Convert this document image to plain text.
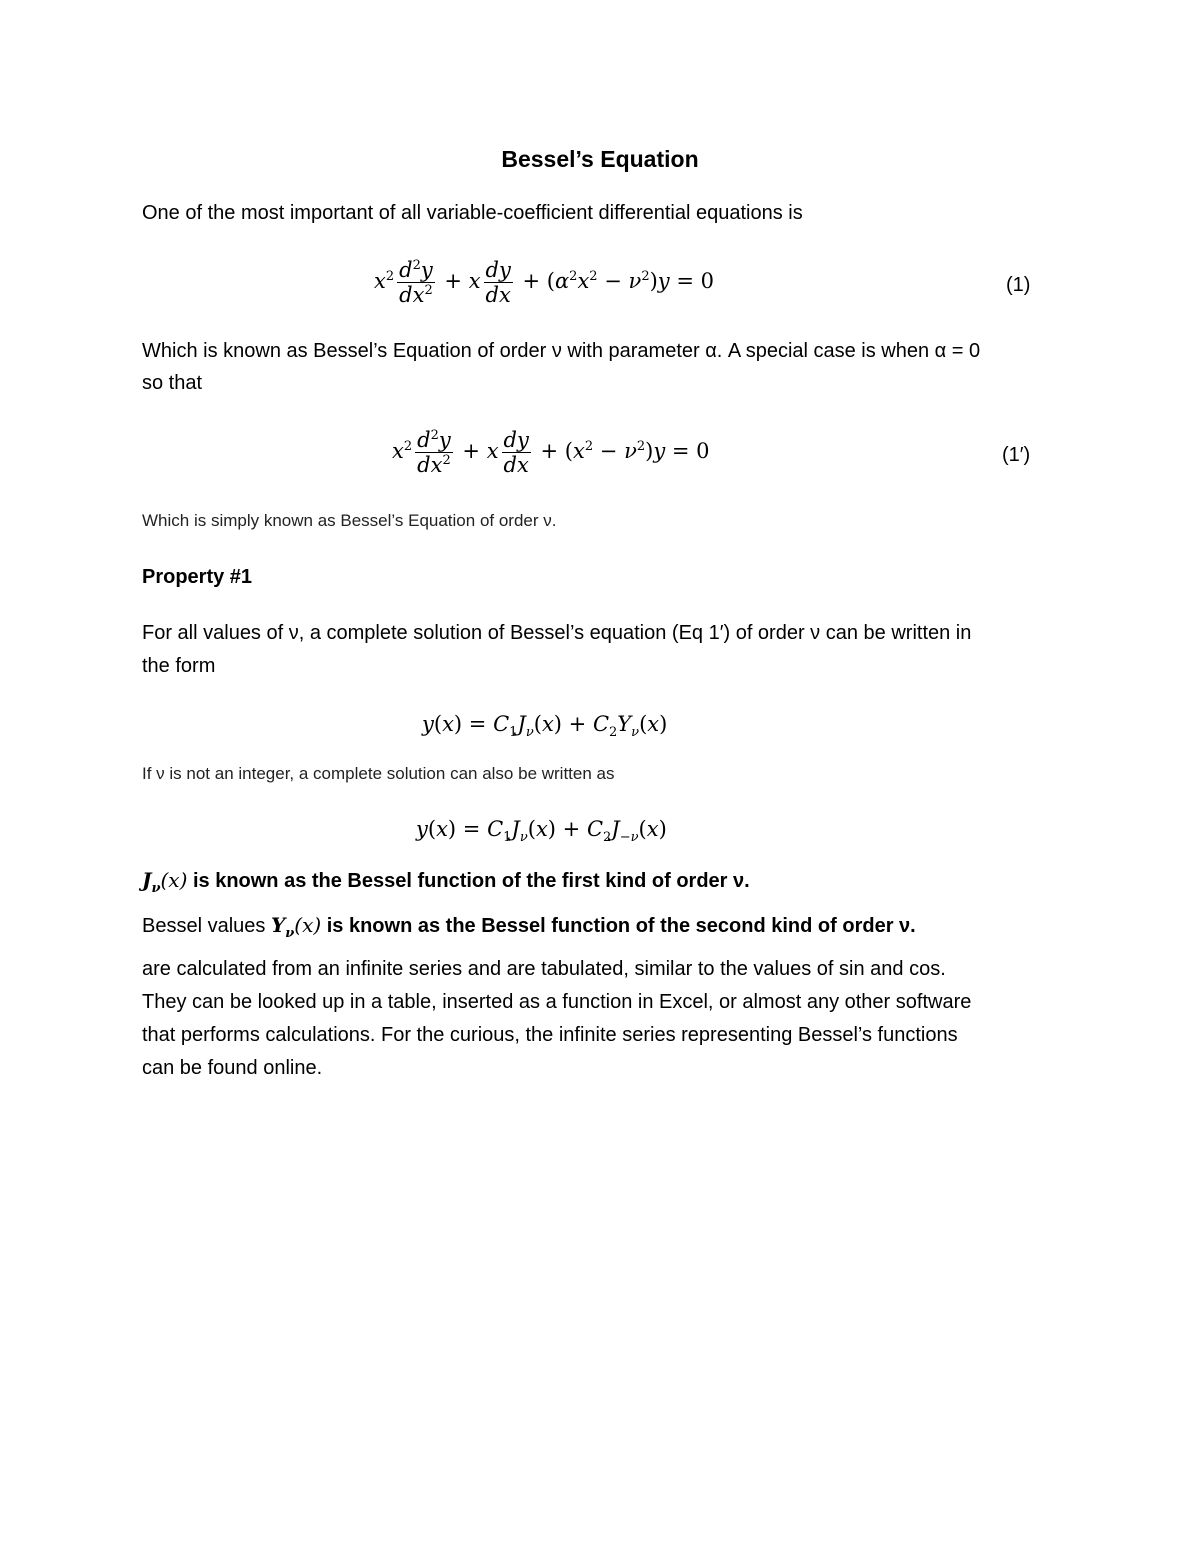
Bessel’s Equation
One of the most important of all variable-coefficient differential equations is
$x^2 \frac{d^2y}{dx^2} + x \frac{dy}{dx} + (\alpha^2x^2 - \nu^2)y = 0$	(1)
Which is known as Bessel’s Equation of order ν with parameter α. A special case is when α = 0
so that
$x^2 \frac{d^2y}{dx^2} + x \frac{dy}{dx} + (x^2 - \nu^2)y = 0$	(1′)
Which is simply known as Bessel’s Equation of order ν.
Property #1
For all values of ν, a complete solution of Bessel’s equation (Eq 1′) of order ν can be written in
the form
$y(x) = C_1J_\nu(x) + C_2Y_\nu(x)$
If ν is not an integer, a complete solution can also be written as
$y(x) = C_1J_\nu(x) + C_2J_{-\nu}(x)$
$J_\nu(x)$ is known as the Bessel function of the first kind of order ν.
Bessel values $Y_\nu(x)$ is known as the Bessel function of the second kind of order ν.
are calculated from an infinite series and are tabulated, similar to the values of sin and cos.
They can be looked up in a table, inserted as a function in Excel, or almost any other software
that performs calculations. For the curious, the infinite series representing Bessel’s functions
can be found online.
